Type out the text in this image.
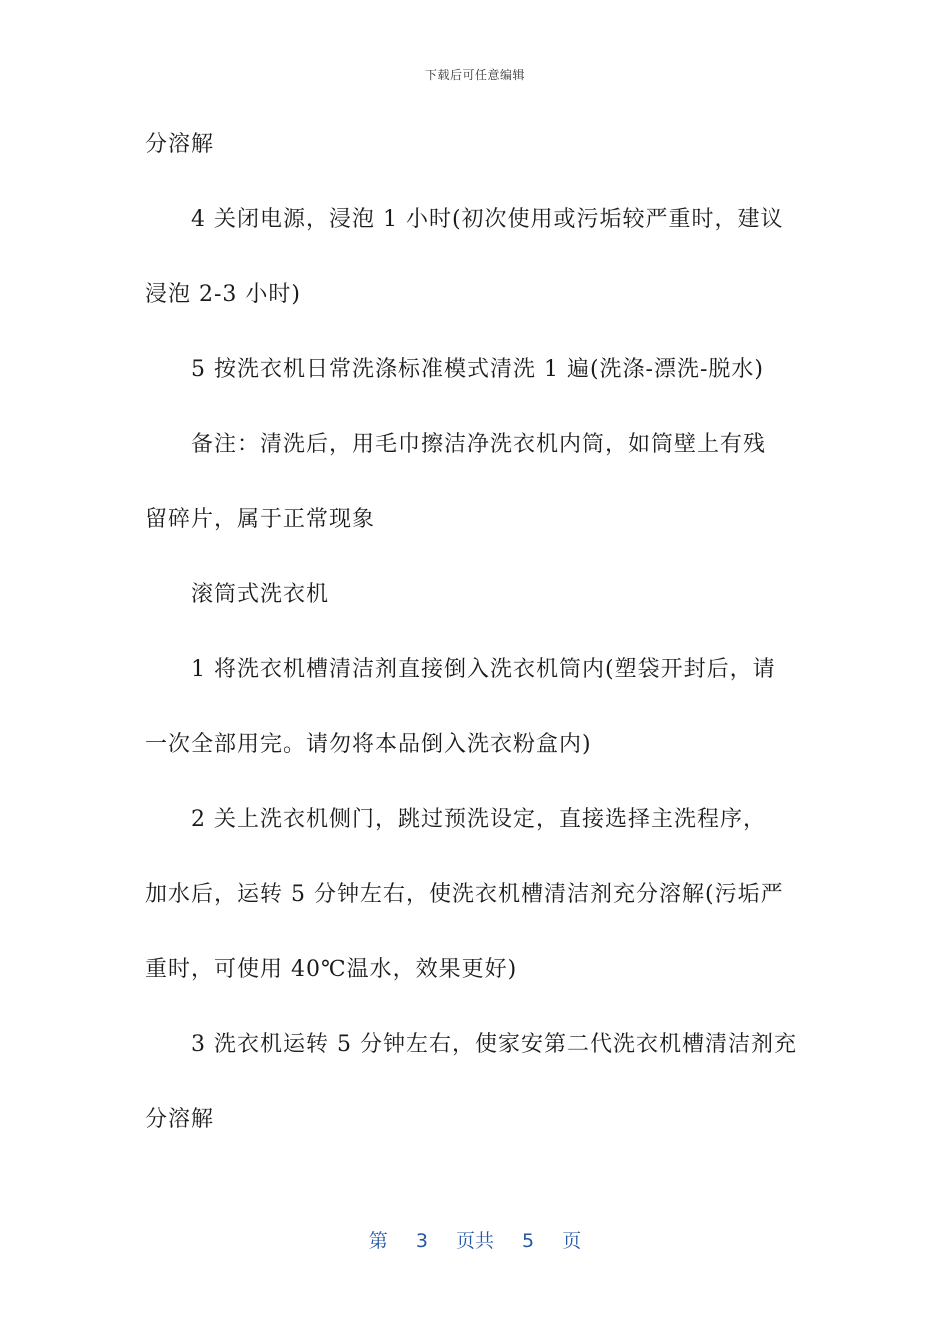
下载后可任意编辑
分溶解
4 关闭电源，浸泡 1 小时(初次使用或污垢较严重时，建议
浸泡 2-3 小时)
5 按洗衣机日常洗涤标准模式清洗 1 遍(洗涤-漂洗-脱水)
备注：清洗后，用毛巾擦洁净洗衣机内筒，如筒壁上有残
留碎片，属于正常现象
滚筒式洗衣机
1 将洗衣机槽清洁剂直接倒入洗衣机筒内(塑袋开封后，请
一次全部用完。请勿将本品倒入洗衣粉盒内)
2 关上洗衣机侧门，跳过预洗设定，直接选择主洗程序，
加水后，运转 5 分钟左右，使洗衣机槽清洁剂充分溶解(污垢严
重时，可使用 40℃温水，效果更好)
3 洗衣机运转 5 分钟左右，使家安第二代洗衣机槽清洁剂充
分溶解
第 3 页共 5 页
